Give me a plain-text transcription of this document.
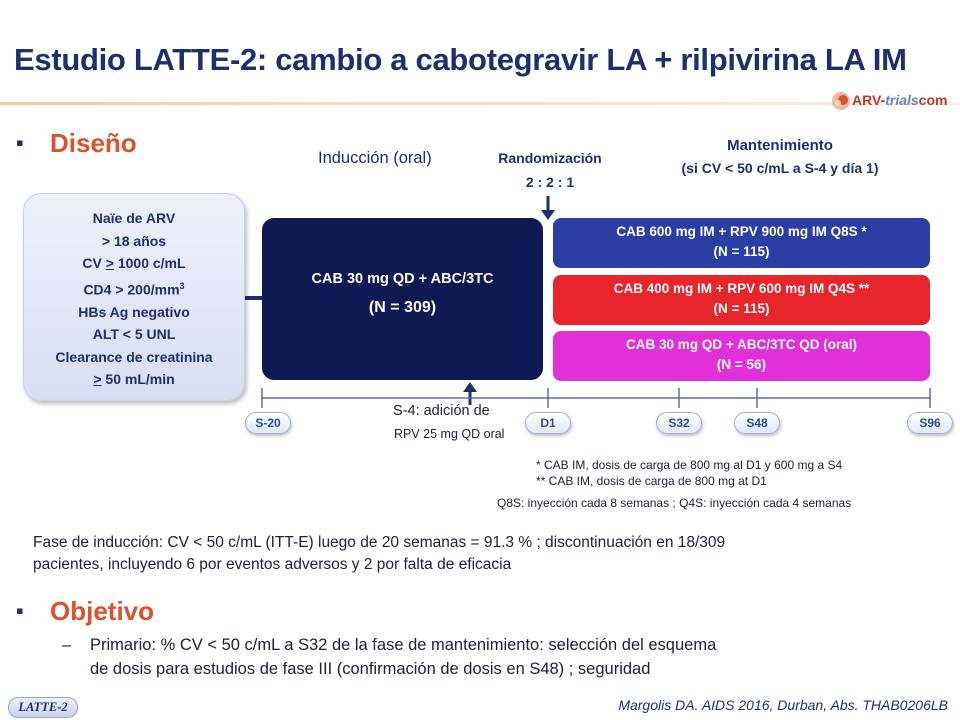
Estudio LATTE-2: cambio a cabotegravir LA + rilpivirina LA IM
ARV-trialscom
▪ Diseño	Inducción (oral)	Randomización
2 : 2 : 1
Mantenimiento
(si CV < 50 c/mL a S-4 y día 1)
Naïe de ARV
> 18 años
CV > 1000 c/mL
$CD4 > 200/mm^3$
HBs Ag negativo
ALT < 5 UNL
Clearance de creatinina
> 50 mL/min
CAB 30 mg QD + ABC/3TC
(N = 309)
CAB 600 mg IM + RPV 900 mg IM Q8S *
(N = 115)
CAB 400 mg IM + RPV 600 mg IM Q4S **
(N = 115)
CAB 30 mg QD + ABC/3TC QD (oral)
(N = 56)
S-20	D1	S32	S48	S96
S-4: adición de
RPV 25 mg QD oral
* CAB IM, dosis de carga de 800 mg al D1 y 600 mg a S4
** CAB IM, dosis de carga de 800 mg at D1
Q8S: inyección cada 8 semanas ; Q4S: inyección cada 4 semanas
Fase de inducción: CV < 50 c/mL (ITT-E) luego de 20 semanas = 91.3 % ; discontinuación en 18/309
pacientes, incluyendo 6 por eventos adversos y 2 por falta de eficacia
▪ Objetivo
– Primario: % CV < 50 c/mL a S32 de la fase de mantenimiento: selección del esquema
de dosis para estudios de fase III (confirmación de dosis en S48) ; seguridad
LATTE-2	Margolis DA. AIDS 2016, Durban, Abs. THAB0206LB
